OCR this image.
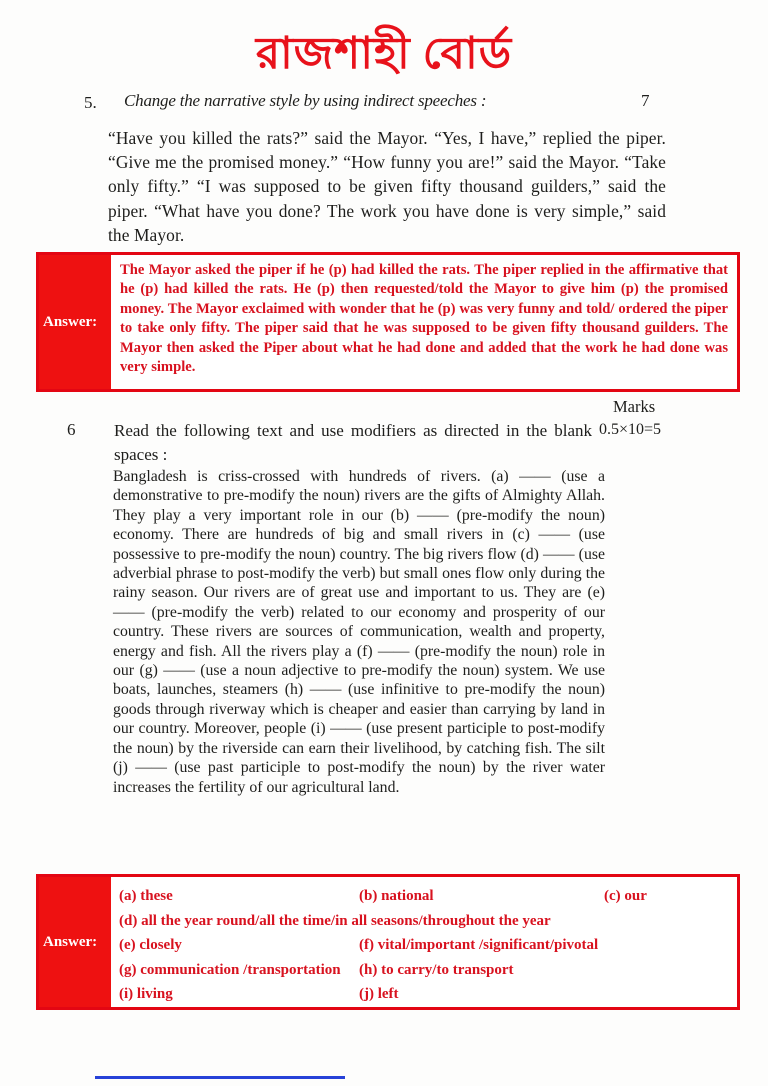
রাজশাহী বোর্ড
5. Change the narrative style by using indirect speeches :	7
“Have you killed the rats?” said the Mayor. “Yes, I have,” replied the piper. “Give me the promised money.” “How funny you are!” said the Mayor. “Take only fifty.” “I was supposed to be given fifty thousand guilders,” said the piper. “What have you done? The work you have done is very simple,” said the Mayor.
Answer:
The Mayor asked the piper if he (p) had killed the rats. The piper replied in the affirmative that he (p) had killed the rats. He (p) then requested/told the Mayor to give him (p) the promised money. The Mayor exclaimed with wonder that he (p) was very funny and told/ ordered the piper to take only fifty. The piper said that he was supposed to be given fifty thousand guilders. The Mayor then asked the Piper about what he had done and added that the work he had done was very simple.
Marks
6 Read the following text and use modifiers as directed in the blank spaces :
0.5×10=5
Bangladesh is criss-crossed with hundreds of rivers. (a) —— (use a demonstrative to pre-modify the noun) rivers are the gifts of Almighty Allah. They play a very important role in our (b) —— (pre-modify the noun) economy. There are hundreds of big and small rivers in (c) —— (use possessive to pre-modify the noun) country. The big rivers flow (d) —— (use adverbial phrase to post-modify the verb) but small ones flow only during the rainy season. Our rivers are of great use and important to us. They are (e) —— (pre-modify the verb) related to our economy and prosperity of our country. These rivers are sources of communication, wealth and property, energy and fish. All the rivers play a (f) —— (pre-modify the noun) role in our (g) —— (use a noun adjective to pre-modify the noun) system. We use boats, launches, steamers (h) —— (use infinitive to pre-modify the noun) goods through riverway which is cheaper and easier than carrying by land in our country. Moreover, people (i) —— (use present participle to post-modify the noun) by the riverside can earn their livelihood, by catching fish. The silt (j) —— (use past participle to post-modify the noun) by the river water increases the fertility of our agricultural land.
Answer:
(a) these	(b) national	(c) our
(d) all the year round/all the time/in all seasons/throughout the year
(e) closely	(f) vital/important /significant/pivotal
(g) communication /transportation	(h) to carry/to transport
(i) living	(j) left
